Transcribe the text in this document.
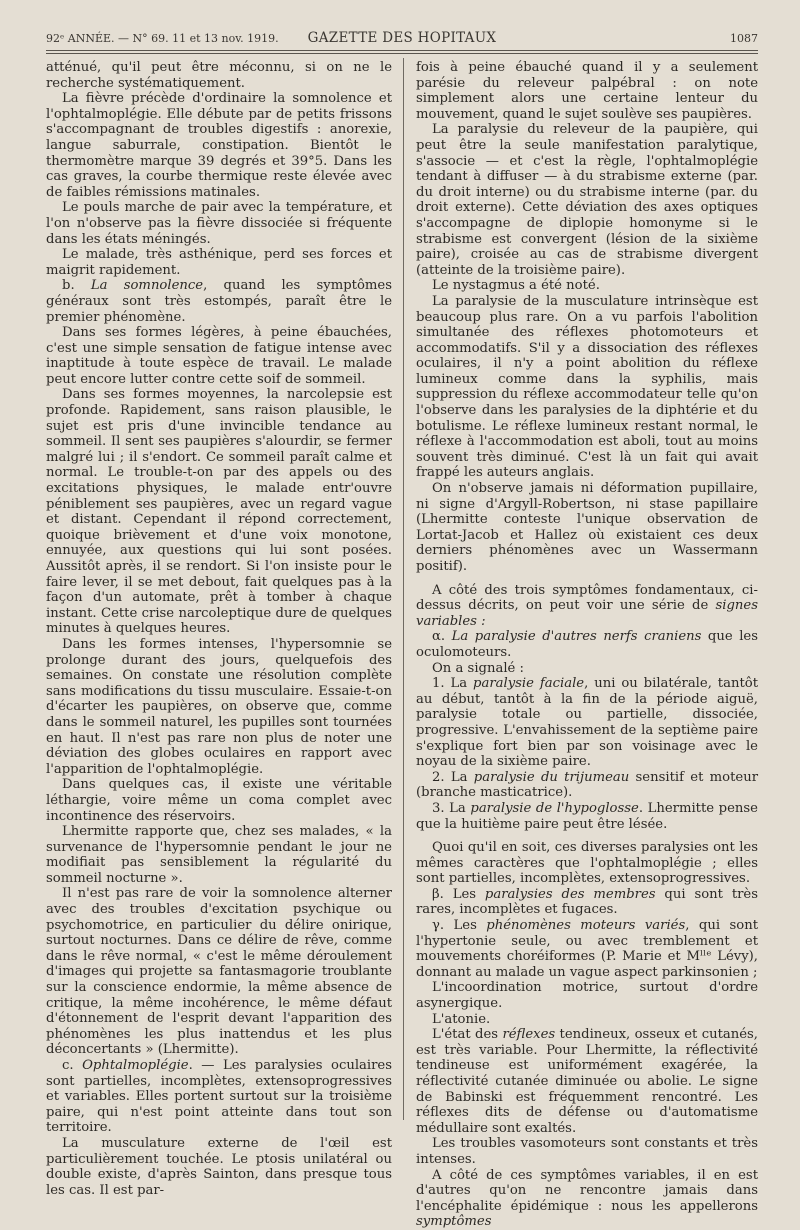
92ᵉ ANNÉE. — N° 69. 11 et 13 nov. 1919.	GAZETTE DES HOPITAUX	1087

atténué, qu'il peut être méconnu, si on ne le recherche systématiquement.

La fièvre précède d'ordinaire la somnolence et l'ophtalmoplégie. Elle débute par de petits frissons s'accompagnant de troubles digestifs : anorexie, langue saburrale, constipation. Bientôt le thermomètre marque 39 degrés et 39°5. Dans les cas graves, la courbe thermique reste élevée avec de faibles rémissions matinales.

Le pouls marche de pair avec la température, et l'on n'observe pas la fièvre dissociée si fréquente dans les états méningés.

Le malade, très asthénique, perd ses forces et maigrit rapidement.

b. La somnolence, quand les symptômes généraux sont très estompés, paraît être le premier phénomène.

Dans ses formes légères, à peine ébauchées, c'est une simple sensation de fatigue intense avec inaptitude à toute espèce de travail. Le malade peut encore lutter contre cette soif de sommeil.

Dans ses formes moyennes, la narcolepsie est profonde. Rapidement, sans raison plausible, le sujet est pris d'une invincible tendance au sommeil. Il sent ses paupières s'alourdir, se fermer malgré lui ; il s'endort. Ce sommeil paraît calme et normal. Le trouble-t-on par des appels ou des excitations physiques, le malade entr'ouvre péniblement ses paupières, avec un regard vague et distant. Cependant il répond correctement, quoique brièvement et d'une voix monotone, ennuyée, aux questions qui lui sont posées. Aussitôt après, il se rendort. Si l'on insiste pour le faire lever, il se met debout, fait quelques pas à la façon d'un automate, prêt à tomber à chaque instant. Cette crise narcoleptique dure de quelques minutes à quelques heures.

Dans les formes intenses, l'hypersomnie se prolonge durant des jours, quelquefois des semaines. On constate une résolution complète sans modifications du tissu musculaire. Essaie-t-on d'écarter les paupières, on observe que, comme dans le sommeil naturel, les pupilles sont tournées en haut. Il n'est pas rare non plus de noter une déviation des globes oculaires en rapport avec l'apparition de l'ophtalmoplégie.

Dans quelques cas, il existe une véritable léthargie, voire même un coma complet avec incontinence des réservoirs.

Lhermitte rapporte que, chez ses malades, « la survenance de l'hypersomnie pendant le jour ne modifiait pas sensiblement la régularité du sommeil nocturne ».

Il n'est pas rare de voir la somnolence alterner avec des troubles d'excitation psychique ou psychomotrice, en particulier du délire onirique, surtout nocturnes. Dans ce délire de rêve, comme dans le rêve normal, « c'est le même déroulement d'images qui projette sa fantasmagorie troublante sur la conscience endormie, la même absence de critique, la même incohérence, le même défaut d'étonnement de l'esprit devant l'apparition des phénomènes les plus inattendus et les plus déconcertants » (Lhermitte).

c. Ophtalmoplégie. — Les paralysies oculaires sont partielles, incomplètes, extensoprogressives et variables. Elles portent surtout sur la troisième paire, qui n'est point atteinte dans tout son territoire.

La musculature externe de l'œil est particulièrement touchée. Le ptosis unilatéral ou double existe, d'après Sainton, dans presque tous les cas. Il est par-

fois à peine ébauché quand il y a seulement parésie du releveur palpébral : on note simplement alors une certaine lenteur du mouvement, quand le sujet soulève ses paupières.

La paralysie du releveur de la paupière, qui peut être la seule manifestation paralytique, s'associe — et c'est la règle, l'ophtalmoplégie tendant à diffuser — à du strabisme externe (par. du droit interne) ou du strabisme interne (par. du droit externe). Cette déviation des axes optiques s'accompagne de diplopie homonyme si le strabisme est convergent (lésion de la sixième paire), croisée au cas de strabisme divergent (atteinte de la troisième paire).

Le nystagmus a été noté.

La paralysie de la musculature intrinsèque est beaucoup plus rare. On a vu parfois l'abolition simultanée des réflexes photomoteurs et accommodatifs. S'il y a dissociation des réflexes oculaires, il n'y a point abolition du réflexe lumineux comme dans la syphilis, mais suppression du réflexe accommodateur telle qu'on l'observe dans les paralysies de la diphtérie et du botulisme. Le réflexe lumineux restant normal, le réflexe à l'accommodation est aboli, tout au moins souvent très diminué. C'est là un fait qui avait frappé les auteurs anglais.

On n'observe jamais ni déformation pupillaire, ni signe d'Argyll-Robertson, ni stase papillaire (Lhermitte conteste l'unique observation de Lortat-Jacob et Hallez où existaient ces deux derniers phénomènes avec un Wassermann positif).

A côté des trois symptômes fondamentaux, ci-dessus décrits, on peut voir une série de signes variables :

α. La paralysie d'autres nerfs craniens que les oculomoteurs.

On a signalé :

1. La paralysie faciale, uni ou bilatérale, tantôt au début, tantôt à la fin de la période aiguë, paralysie totale ou partielle, dissociée, progressive. L'envahissement de la septième paire s'explique fort bien par son voisinage avec le noyau de la sixième paire.

2. La paralysie du trijumeau sensitif et moteur (branche masticatrice).

3. La paralysie de l'hypoglosse. Lhermitte pense que la huitième paire peut être lésée.

Quoi qu'il en soit, ces diverses paralysies ont les mêmes caractères que l'ophtalmoplégie ; elles sont partielles, incomplètes, extensoprogressives.

β. Les paralysies des membres qui sont très rares, incomplètes et fugaces.

γ. Les phénomènes moteurs variés, qui sont l'hypertonie seule, ou avec tremblement et mouvements choréiformes (P. Marie et Mˡˡᵉ Lévy), donnant au malade un vague aspect parkinsonien ;

L'incoordination motrice, surtout d'ordre asynergique.

L'atonie.

L'état des réflexes tendineux, osseux et cutanés, est très variable. Pour Lhermitte, la réflectivité tendineuse est uniformément exagérée, la réflectivité cutanée diminuée ou abolie. Le signe de Babinski est fréquemment rencontré. Les réflexes dits de défense ou d'automatisme médullaire sont exaltés.

Les troubles vasomoteurs sont constants et très intenses.

A côté de ces symptômes variables, il en est d'autres qu'on ne rencontre jamais dans l'encéphalite épidémique : nous les appellerons symptômes
